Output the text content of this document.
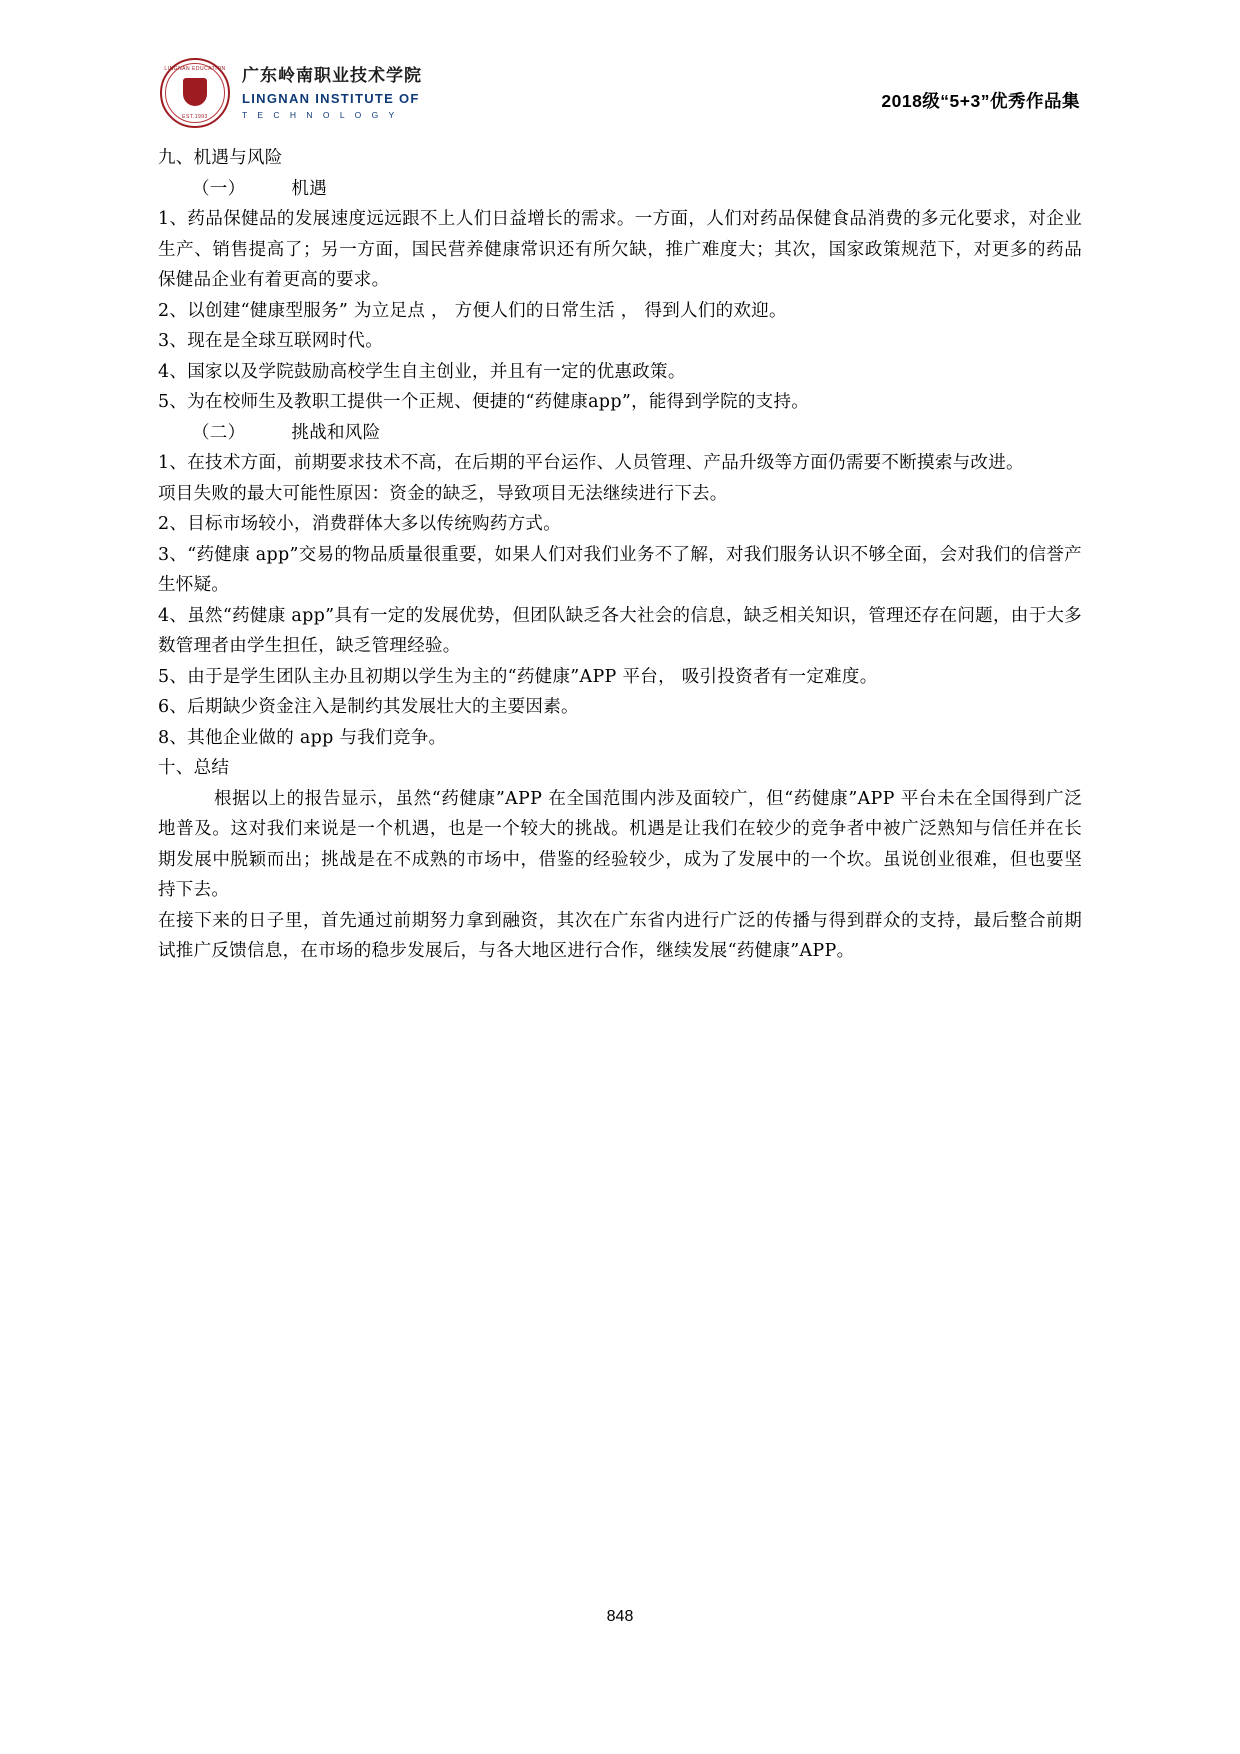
LINGNAN EDUCATION
EST.1993
广东岭南职业技术学院
LINGNAN INSTITUTE OF
T E C H N O L O G Y
2018级“5+3”优秀作品集

九、机遇与风险

（一）	机遇

1、药品保健品的发展速度远远跟不上人们日益增长的需求。一方面，人们对药品保健食品消费的多元化要求，对企业生产、销售提高了；另一方面，国民营养健康常识还有所欠缺，推广难度大；其次，国家政策规范下，对更多的药品保健品企业有着更高的要求。

2、以创建“健康型服务” 为立足点 ， 方便人们的日常生活 ， 得到人们的欢迎。

3、现在是全球互联网时代。

4、国家以及学院鼓励高校学生自主创业，并且有一定的优惠政策。

5、为在校师生及教职工提供一个正规、便捷的“药健康app”，能得到学院的支持。

（二）	挑战和风险

1、在技术方面，前期要求技术不高，在后期的平台运作、人员管理、产品升级等方面仍需要不断摸索与改进。

项目失败的最大可能性原因：资金的缺乏，导致项目无法继续进行下去。

2、目标市场较小，消费群体大多以传统购药方式。

3、“药健康 app”交易的物品质量很重要，如果人们对我们业务不了解，对我们服务认识不够全面，会对我们的信誉产生怀疑。

4、虽然“药健康 app”具有一定的发展优势，但团队缺乏各大社会的信息，缺乏相关知识，管理还存在问题，由于大多数管理者由学生担任，缺乏管理经验。

5、由于是学生团队主办且初期以学生为主的“药健康”APP 平台， 吸引投资者有一定难度。

6、后期缺少资金注入是制约其发展壮大的主要因素。

8、其他企业做的 app 与我们竞争。

十、总结

根据以上的报告显示，虽然“药健康”APP 在全国范围内涉及面较广，但“药健康”APP 平台未在全国得到广泛地普及。这对我们来说是一个机遇，也是一个较大的挑战。机遇是让我们在较少的竞争者中被广泛熟知与信任并在长期发展中脱颖而出；挑战是在不成熟的市场中，借鉴的经验较少，成为了发展中的一个坎。虽说创业很难，但也要坚持下去。

在接下来的日子里，首先通过前期努力拿到融资，其次在广东省内进行广泛的传播与得到群众的支持，最后整合前期试推广反馈信息，在市场的稳步发展后，与各大地区进行合作，继续发展“药健康”APP。

848
